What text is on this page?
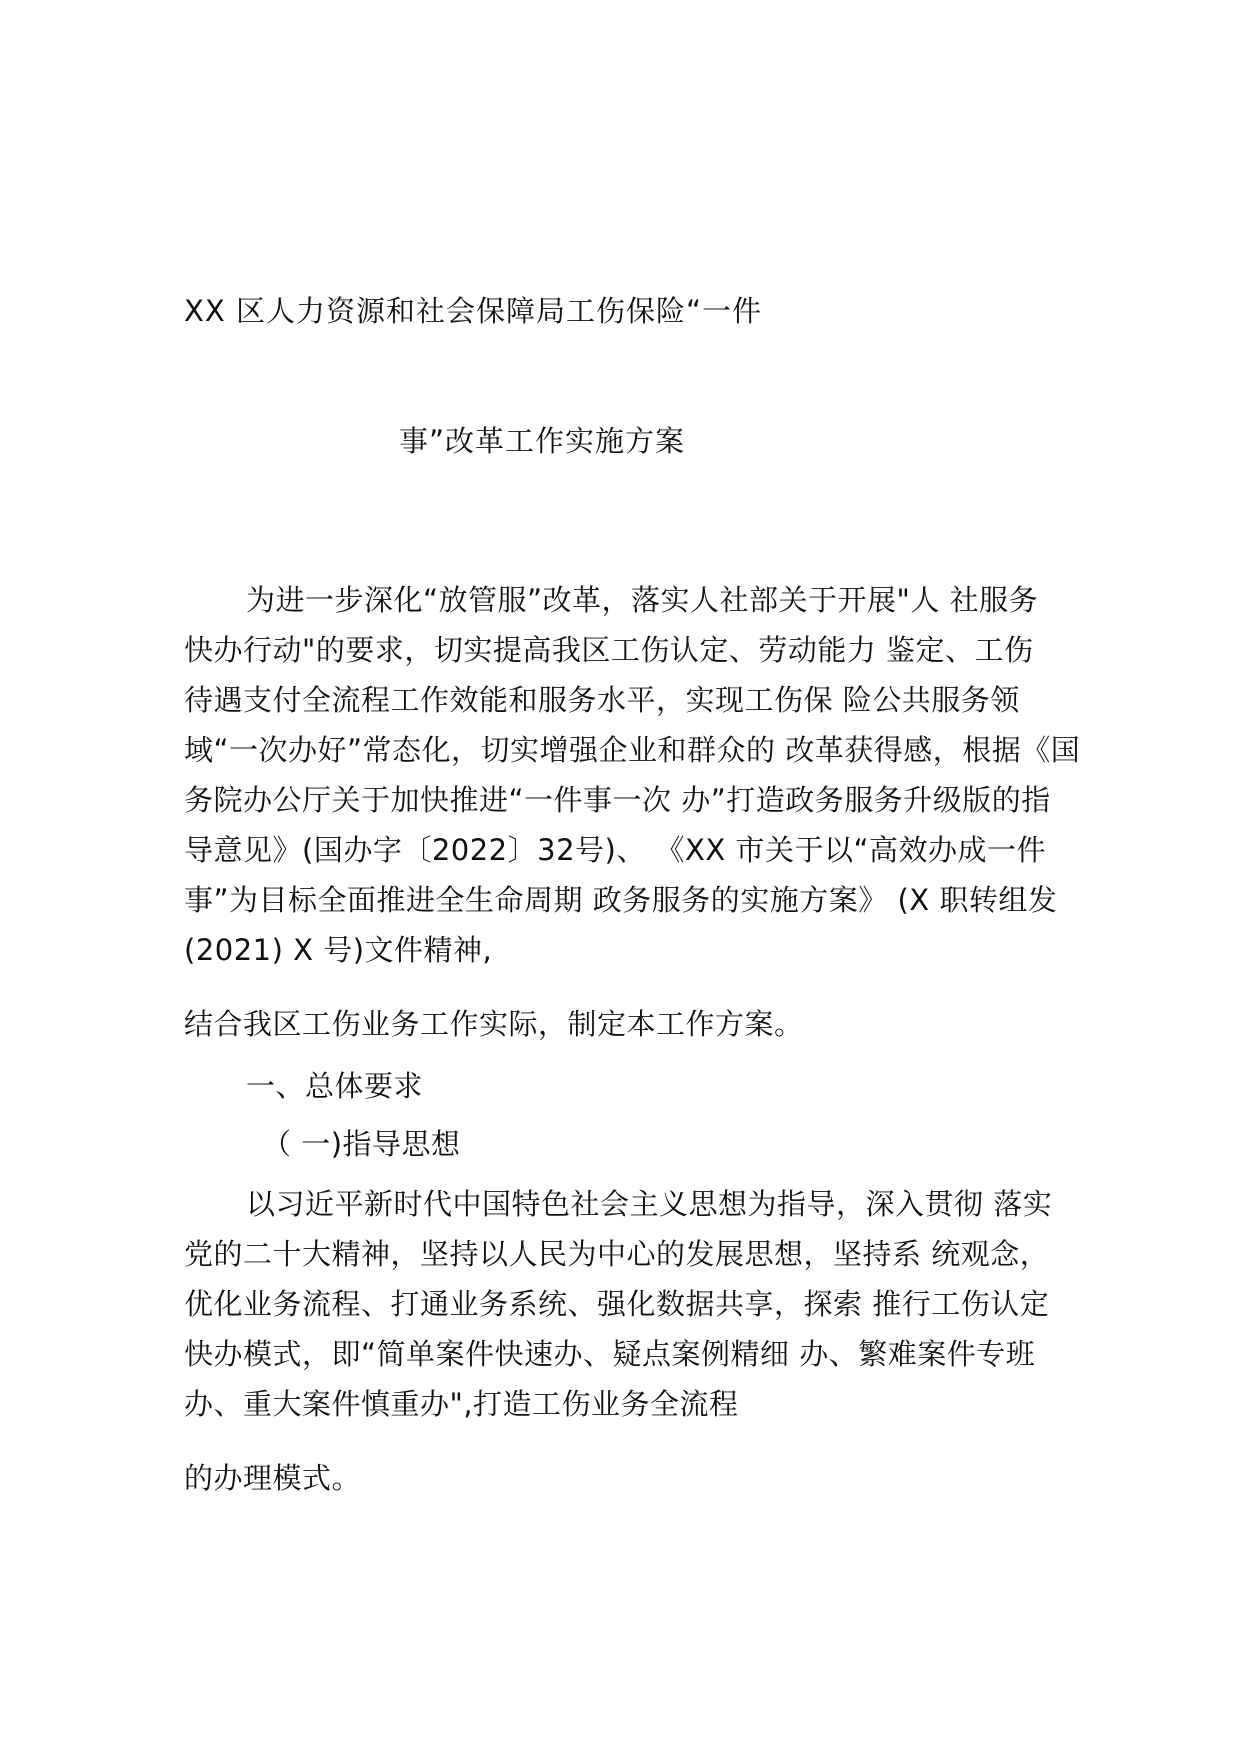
XX 区人力资源和社会保障局工伤保险“一件
事”改革工作实施方案
为进一步深化“放管服”改革，落实人社部关于开展"人 社服务
快办行动"的要求，切实提高我区工伤认定、劳动能力 鉴定、工伤
待遇支付全流程工作效能和服务水平，实现工伤保 险公共服务领
域“一次办好”常态化，切实增强企业和群众的 改革获得感，根据《国
务院办公厅关于加快推进“一件事一次 办”打造政务服务升级版的指
导意见》(国办字〔2022〕32号)、 《XX 市关于以“高效办成一件
事”为目标全面推进全生命周期 政务服务的实施方案》 (X 职转组发
(2021) X 号)文件精神,
结合我区工伤业务工作实际，制定本工作方案。
一、总体要求
（ 一)指导思想
以习近平新时代中国特色社会主义思想为指导，深入贯彻 落实
党的二十大精神，坚持以人民为中心的发展思想，坚持系 统观念，
优化业务流程、打通业务系统、强化数据共享，探索 推行工伤认定
快办模式，即“简单案件快速办、疑点案例精细 办、繁难案件专班
办、重大案件慎重办",打造工伤业务全流程
的办理模式。
